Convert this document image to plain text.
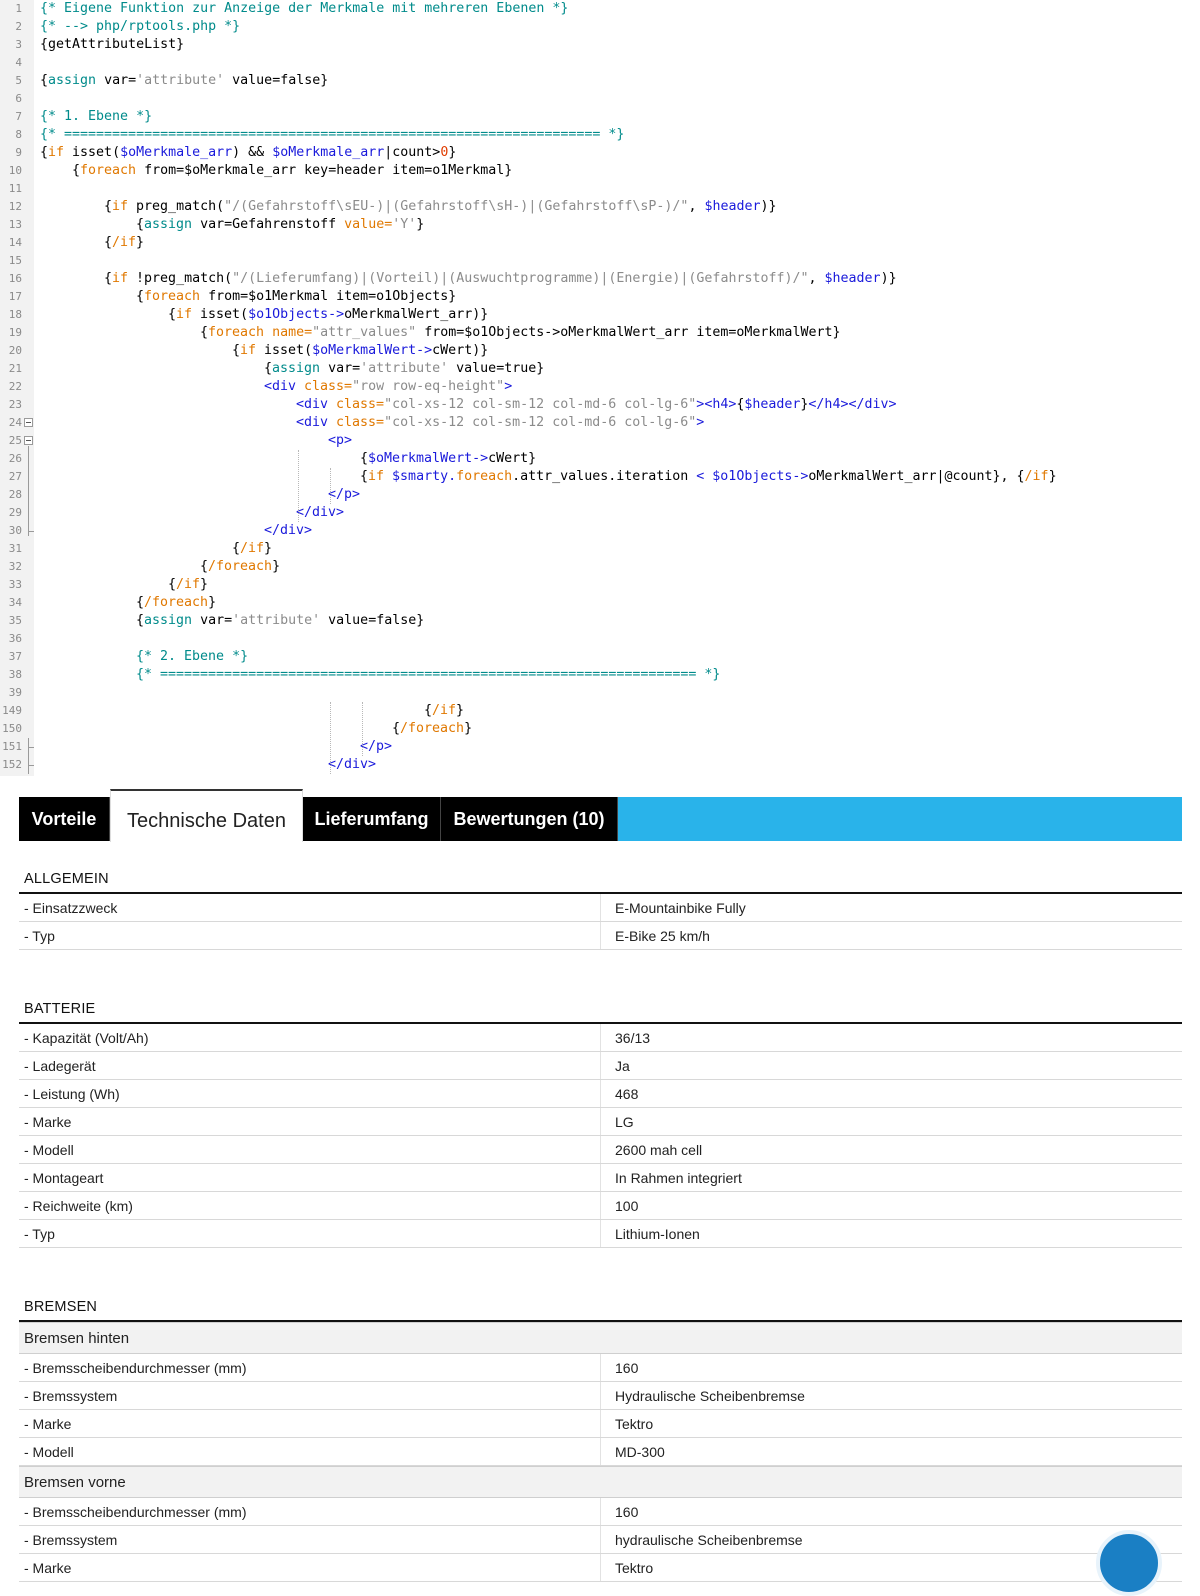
1 {* Eigene Funktion zur Anzeige der Merkmale mit mehreren Ebenen *}
2 {* --> php/rptools.php *}
3 {getAttributeList}
4
5 {assign var='attribute' value=false}
6
7 {* 1. Ebene *}
8 {* =================================================================== *}
9 {if isset($oMerkmale_arr) && $oMerkmale_arr|count>0}
10	{foreach from=$oMerkmale_arr key=header item=o1Merkmal}
11
12	{if preg_match("/(Gefahrstoff\sEU-)|(Gefahrstoff\sH-)|(Gefahrstoff\sP-)/", $header)}
13	{assign var=Gefahrenstoff value='Y'}
14	{/if}
15
16	{if !preg_match("/(Lieferumfang)|(Vorteil)|(Auswuchtprogramme)|(Energie)|(Gefahrstoff)/", $header)}
17	{foreach from=$o1Merkmal item=o1Objects}
18	{if isset($o1Objects->oMerkmalWert_arr)}
19	{foreach name="attr_values" from=$o1Objects->oMerkmalWert_arr item=oMerkmalWert}
20	{if isset($oMerkmalWert->cWert)}
21	{assign var='attribute' value=true}
22	<div class="row row-eq-height">
23	<div class="col-xs-12 col-sm-12 col-md-6 col-lg-6"><h4>{$header}</h4></div>
24	<div class="col-xs-12 col-sm-12 col-md-6 col-lg-6">
25	<p>
26	{$oMerkmalWert->cWert}
27	{if $smarty.foreach.attr_values.iteration < $o1Objects->oMerkmalWert_arr|@count}, {/if}
28	</p>
29	</div>
30	</div>
31	{/if}
32	{/foreach}
33	{/if}
34	{/foreach}
35	{assign var='attribute' value=false}
36
37	{* 2. Ebene *}
38	{* =================================================================== *}
39
149	{/if}
150	{/foreach}
151	</p>
152	</div>
Vorteile	Technische Daten	Lieferumfang	Bewertungen (10)
ALLGEMEIN
- Einsatzzweck	E-Mountainbike Fully
- Typ	E-Bike 25 km/h
BATTERIE
- Kapazität (Volt/Ah)	36/13
- Ladegerät	Ja
- Leistung (Wh)	468
- Marke	LG
- Modell	2600 mah cell
- Montageart	In Rahmen integriert
- Reichweite (km)	100
- Typ	Lithium-Ionen
BREMSEN
Bremsen hinten
- Bremsscheibendurchmesser (mm)	160
- Bremssystem	Hydraulische Scheibenbremse
- Marke	Tektro
- Modell	MD-300
Bremsen vorne
- Bremsscheibendurchmesser (mm)	160
- Bremssystem	hydraulische Scheibenbremse
- Marke	Tektro
